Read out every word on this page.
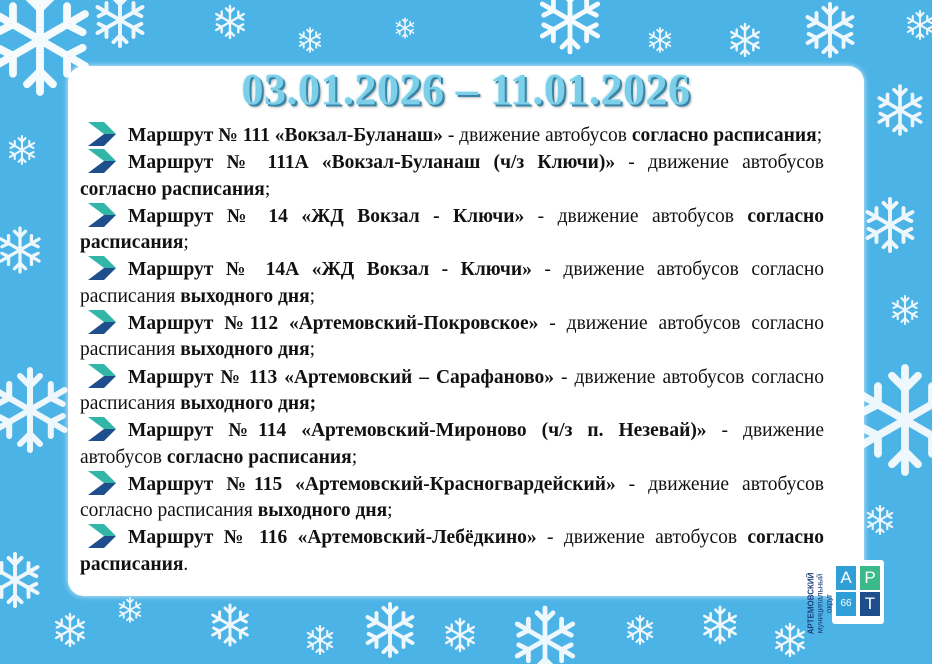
03.01.2026 – 11.01.2026
Маршрут № 111 «Вокзал-Буланаш» - движение автобусов согласно расписания;
Маршрут № 111А «Вокзал-Буланаш (ч/з Ключи)» - движение автобусов согласно расписания;
Маршрут № 14 «ЖД Вокзал - Ключи» - движение автобусов согласно расписания;
Маршрут № 14А «ЖД Вокзал - Ключи» - движение автобусов согласно расписания выходного дня;
Маршрут №112 «Артемовский-Покровское» - движение автобусов согласно расписания выходного дня;
Маршрут № 113 «Артемовский – Сарафаново» - движение автобусов согласно расписания выходного дня;
Маршрут №114 «Артемовский-Мироново (ч/з п. Незевай)» - движение автобусов согласно расписания;
Маршрут №115 «Артемовский-Красногвардейский» - движение автобусов согласно расписания выходного дня;
Маршрут № 116 «Артемовский-Лебёдкино» - движение автобусов согласно расписания.
А Р
66 Т
АРТЕМОВСКИЙ муниципальный округ
